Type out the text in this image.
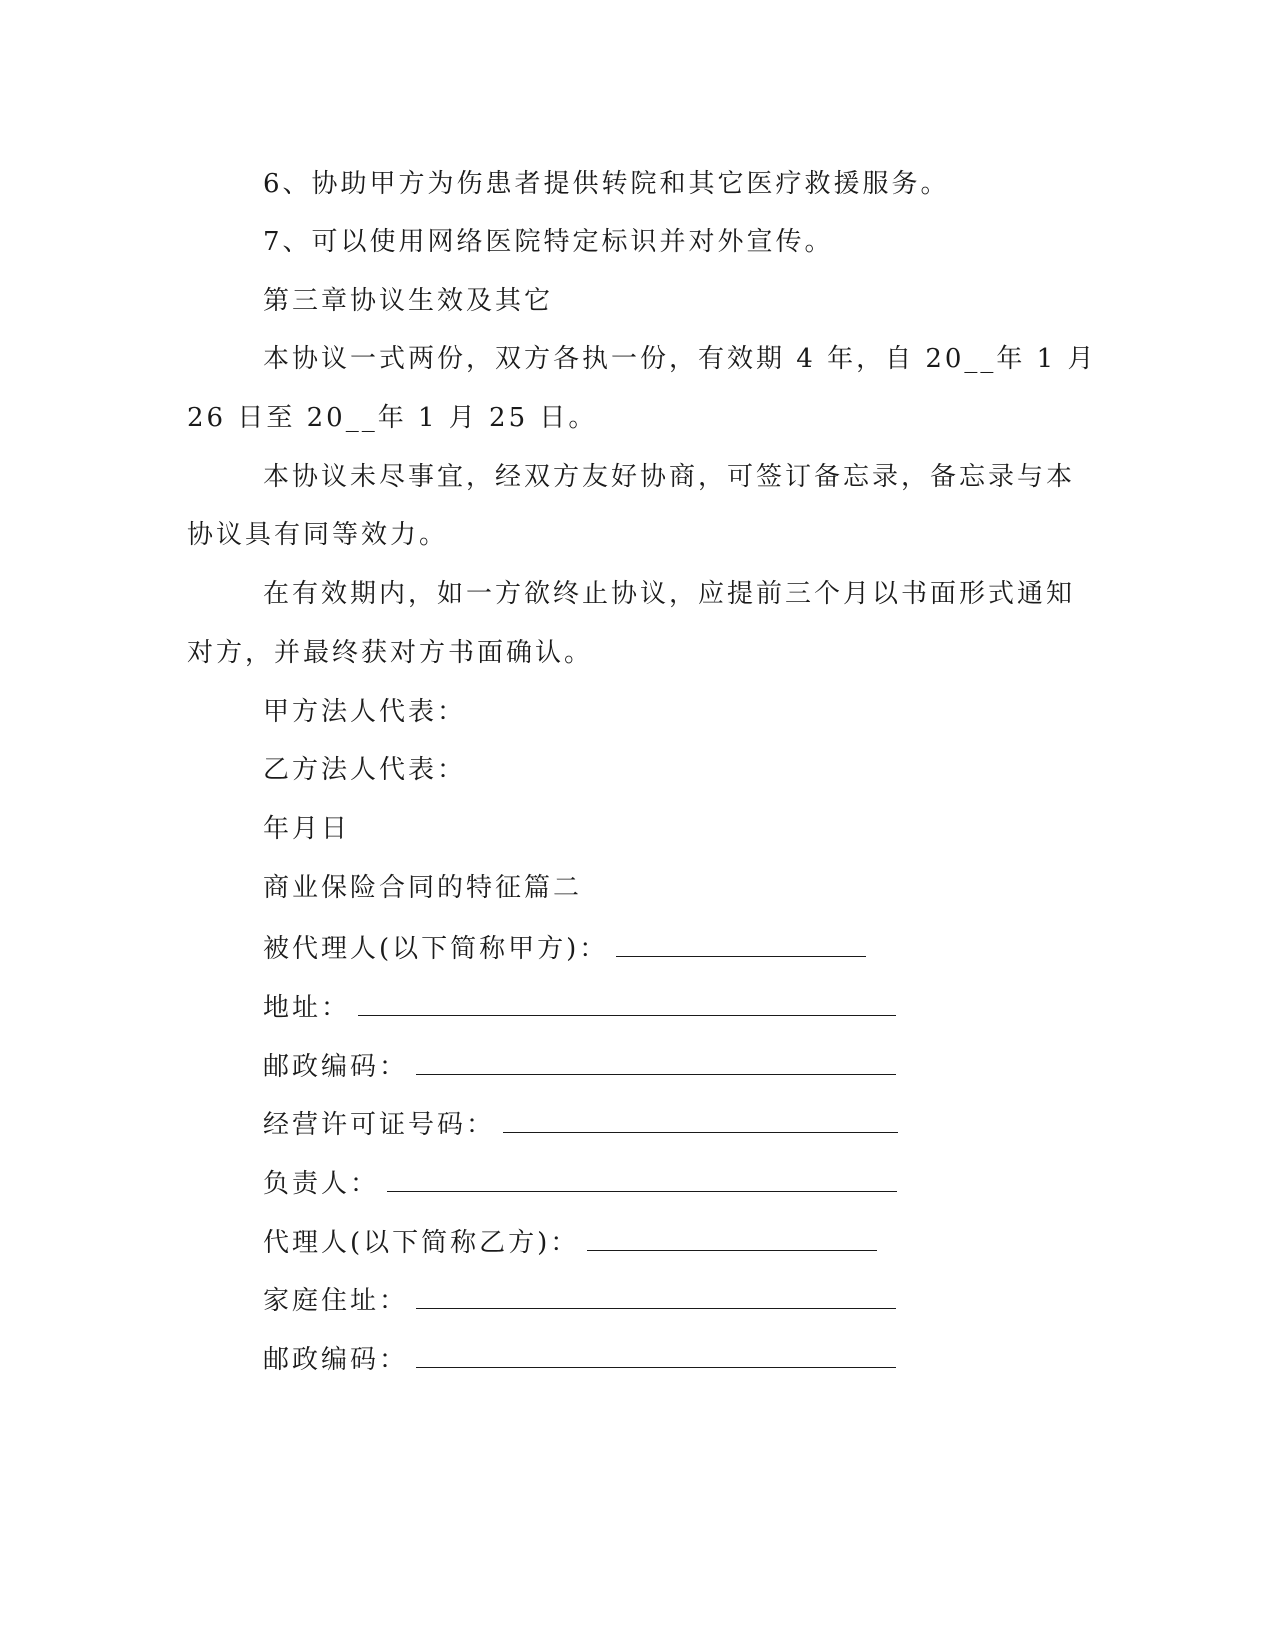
6、协助甲方为伤患者提供转院和其它医疗救援服务。
7、可以使用网络医院特定标识并对外宣传。
第三章协议生效及其它
本协议一式两份，双方各执一份，有效期 4 年，自 20__年 1 月
26 日至 20__年 1 月 25 日。
本协议未尽事宜，经双方友好协商，可签订备忘录，备忘录与本
协议具有同等效力。
在有效期内，如一方欲终止协议，应提前三个月以书面形式通知
对方，并最终获对方书面确认。
甲方法人代表：
乙方法人代表：
年月日
商业保险合同的特征篇二
被代理人(以下简称甲方)：
地址：
邮政编码：
经营许可证号码：
负责人：
代理人(以下简称乙方)：
家庭住址：
邮政编码：
